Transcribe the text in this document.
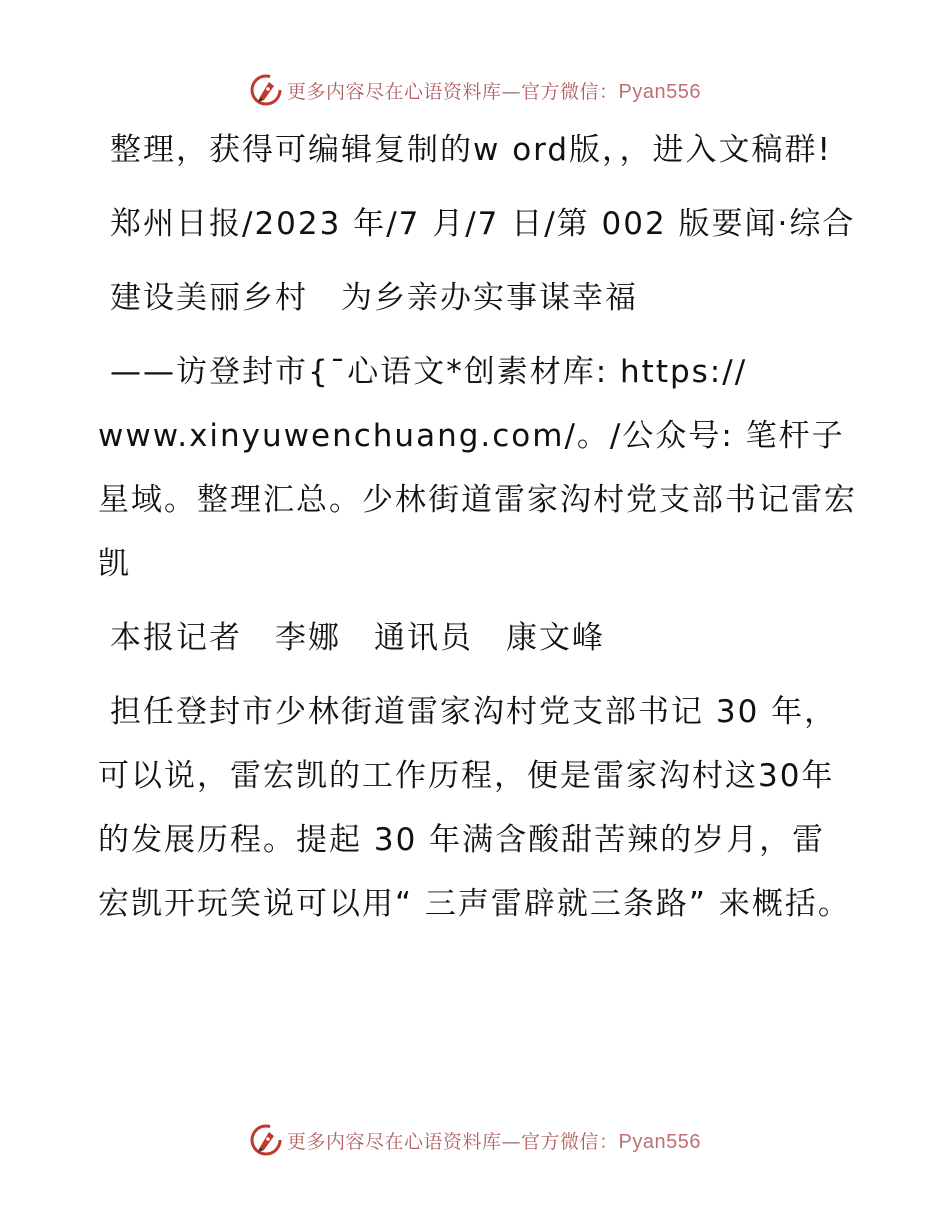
更多内容尽在心语资料库—官方微信：Pyan556

整理，获得可编辑复制的w ord版，，进入文稿群!

郑州日报/2023 年/7 月/7 日/第 002 版要闻·综合

建设美丽乡村　为乡亲办实事谋幸福

——访登封市{¯心语文*创素材库: https:// www.xinyuwenchuang.com/。/公众号: 笔杆子星域。整理汇总。少林街道雷家沟村党支部书记雷宏凯

本报记者　李娜　通讯员　康文峰

担任登封市少林街道雷家沟村党支部书记 30 年，可以说，雷宏凯的工作历程，便是雷家沟村这30年的发展历程。提起 30 年满含酸甜苦辣的岁月，雷宏凯开玩笑说可以用“ 三声雷辟就三条路” 来概括。

更多内容尽在心语资料库—官方微信：Pyan556
